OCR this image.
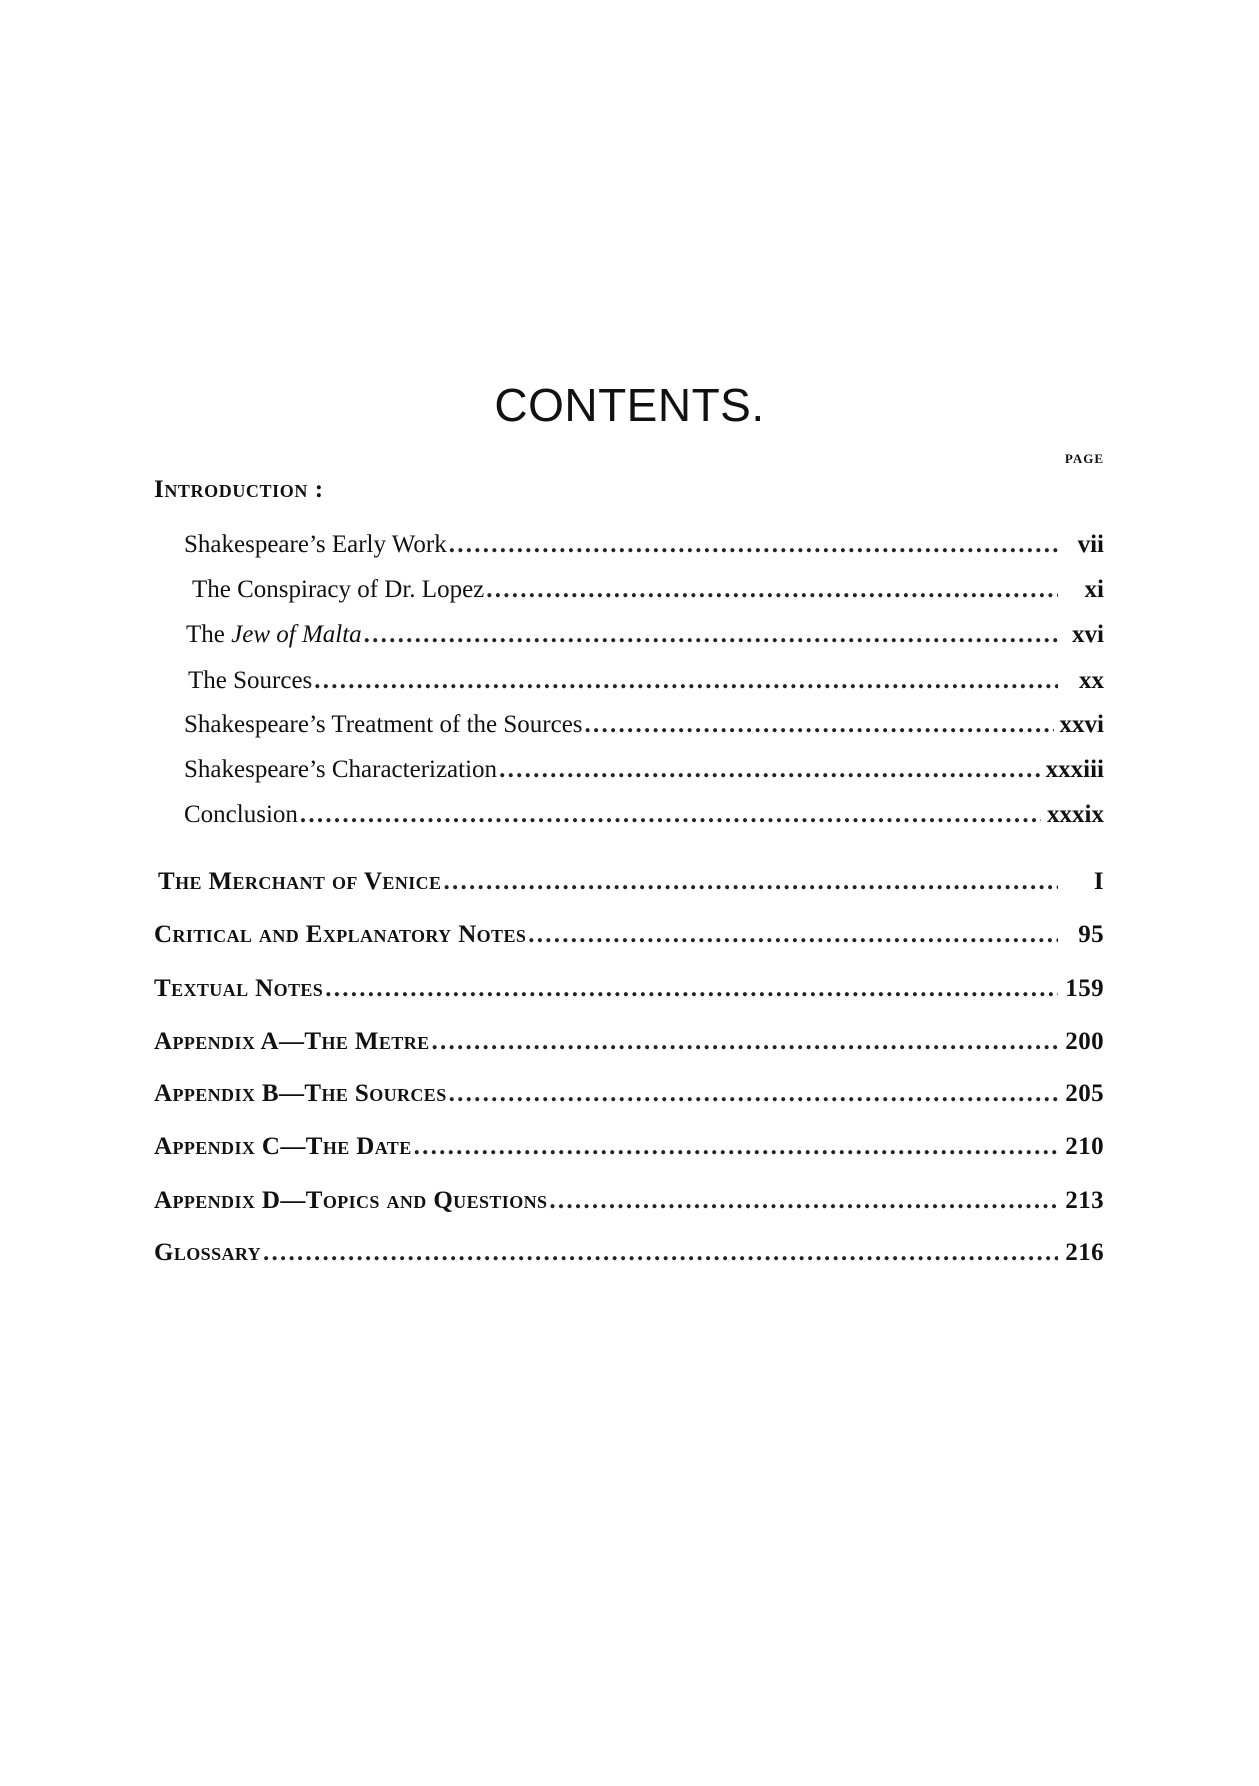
CONTENTS.
PAGE
Introduction :
Shakespeare’s Early Work . . .	vii
The Conspiracy of Dr. Lopez . . .	xi
The Jew of Malta . . .	xvi
The Sources . . .	xx
Shakespeare’s Treatment of the Sources . . .	xxvi
Shakespeare’s Characterization . . .	xxxiii
Conclusion . . .	xxxix
The Merchant of Venice . . .	I
Critical and Explanatory Notes . . .	95
Textual Notes . . .	159
Appendix A—The Metre . . .	200
Appendix B—The Sources . . .	205
Appendix C—The Date . . .	210
Appendix D—Topics and Questions . . .	213
Glossary . . .	216
